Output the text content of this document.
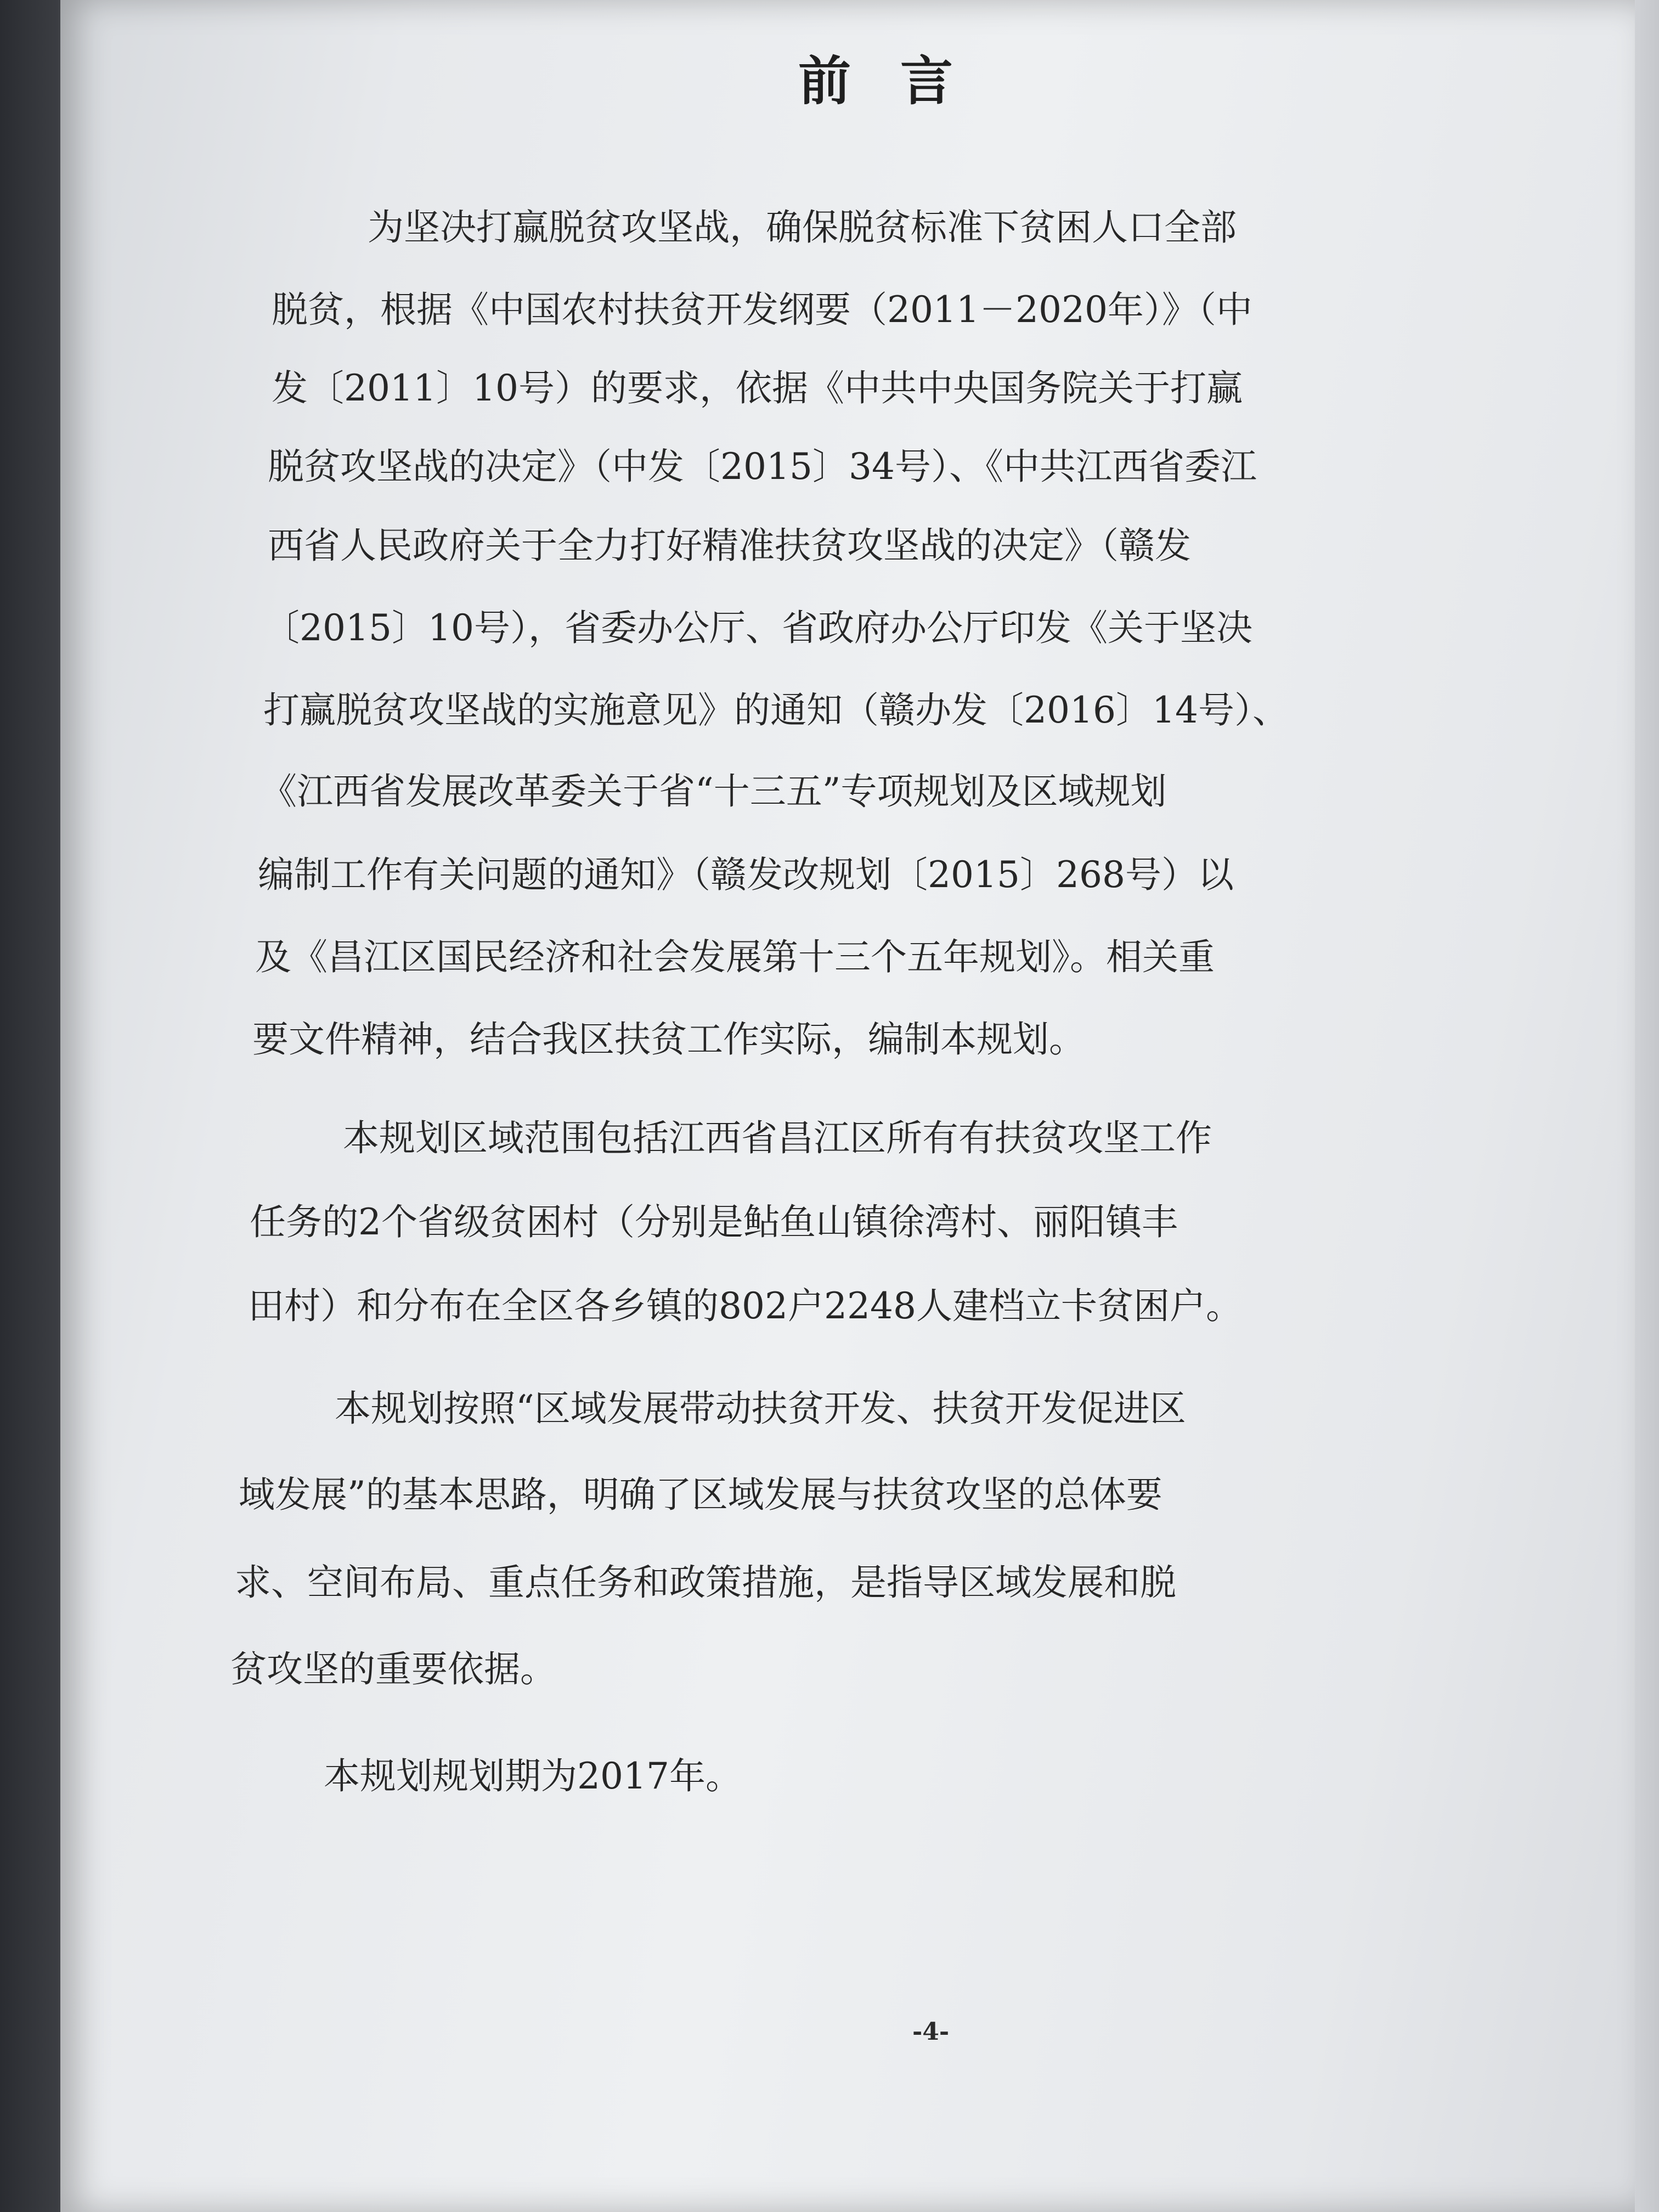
前言

为坚决打赢脱贫攻坚战，确保脱贫标准下贫困人口全部

脱贫，根据《中国农村扶贫开发纲要（2011－2020年）》（中

发〔2011〕10号）的要求，依据《中共中央国务院关于打赢

脱贫攻坚战的决定》（中发〔2015〕34号）、《中共江西省委江

西省人民政府关于全力打好精准扶贫攻坚战的决定》（赣发

〔2015〕10号），省委办公厅、省政府办公厅印发《关于坚决

打赢脱贫攻坚战的实施意见》的通知（赣办发〔2016〕14号）、

《江西省发展改革委关于省“十三五”专项规划及区域规划

编制工作有关问题的通知》（赣发改规划〔2015〕268号）以

及《昌江区国民经济和社会发展第十三个五年规划》。相关重

要文件精神，结合我区扶贫工作实际，编制本规划。

本规划区域范围包括江西省昌江区所有有扶贫攻坚工作

任务的2个省级贫困村（分别是鲇鱼山镇徐湾村、丽阳镇丰

田村）和分布在全区各乡镇的802户2248人建档立卡贫困户。

本规划按照“区域发展带动扶贫开发、扶贫开发促进区

域发展”的基本思路，明确了区域发展与扶贫攻坚的总体要

求、空间布局、重点任务和政策措施，是指导区域发展和脱

贫攻坚的重要依据。

本规划规划期为2017年。

-4-
